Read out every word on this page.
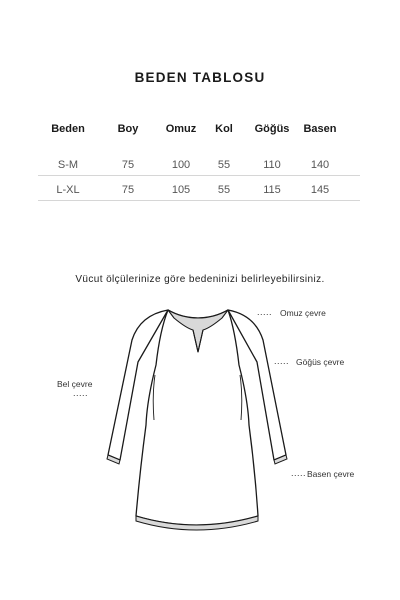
BEDEN TABLOSU
Beden	Boy Omuz Kol Göğüs Basen
S-M	75	100	55	110	140
L-XL	75	105	55	115	145
Vücut ölçülerinize göre bedeninizi belirleyebilirsiniz.
..... Omuz çevre
..... Göğüs çevre
Bel çevre
.....
..... Basen çevre
